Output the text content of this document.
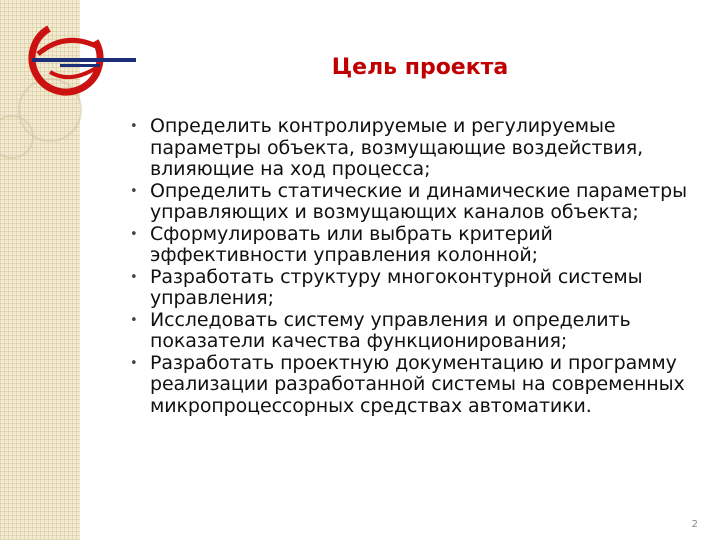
Цель проекта
• Определить контролируемые и регулируемые параметры объекта, возмущающие воздействия, влияющие на ход процесса;
• Определить статические и динамические параметры управляющих и возмущающих каналов объекта;
• Сформулировать или выбрать критерий эффективности управления колонной;
• Разработать структуру многоконтурной системы управления;
• Исследовать систему управления и определить показатели качества функционирования;
• Разработать проектную документацию и программу реализации разработанной системы на современных микропроцессорных средствах автоматики.
2
